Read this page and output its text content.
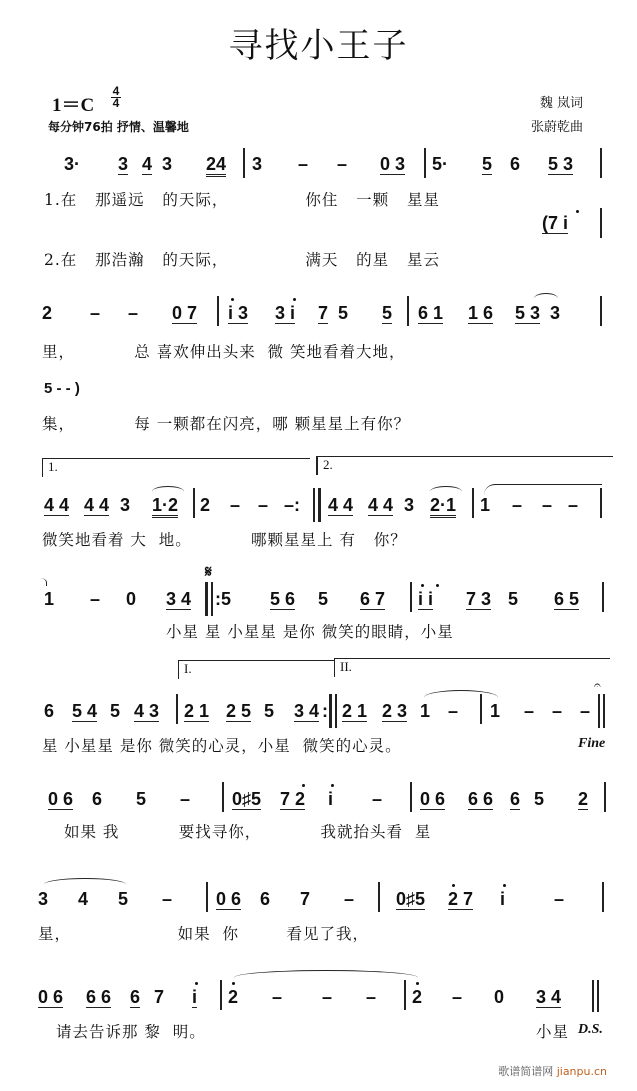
寻找小王子
1＝C
4
4
每分钟76拍 抒情、温馨地
魏 岚词
张蔚乾曲
3· 3 4 3 24 3 – – 0 3 5· 5 6 5 3
1.在   那遥远   的天际，             你住   一颗   星星
(7 i
2.在   那浩瀚   的天际，             满天   的星   星云
2 – – 0 7 i 3 3 i 7 5 5 6 1 1 6 5 3 3
里，          总 喜欢伸出头来  微 笑地看着大地，
5 - - )
集，          每 一颗都在闪亮，哪 颗星星上有你？
1.	2.
4 4 4 4 3 1·2 2 – – –: 4 4 4 4 3 2·1 1 – – –
微笑地看着 大  地。          哪颗星星上 有   你？
1 – 0 3 4
𝄋
:5 5 6 5 6 7 i i 7 3 5 6 5
小星 星 小星星 是你 微笑的眼睛，小星
I.	II.
6 5 4 5 4 3 2 1 2 5 5 3 4 : 2 1 2 3 1 – 1 – – –
𝄐
星 小星星 是你 微笑的心灵，小星  微笑的心灵。	Fine
0 6 6 5 – 0♯5 7 2 i – 0 6 6 6 6 5 2
如果 我          要找寻你，          我就抬头看  星
3 4 5 – 0 6 6 7 – 0♯5 2 7 i	–
星，                  如果  你        看见了我，
0 6 6 6 6 7 i 2 – – – 2 – 0 3 4
请去告诉那 黎  明。	小星 D.S.
歌谱简谱网 jianpu.cn
